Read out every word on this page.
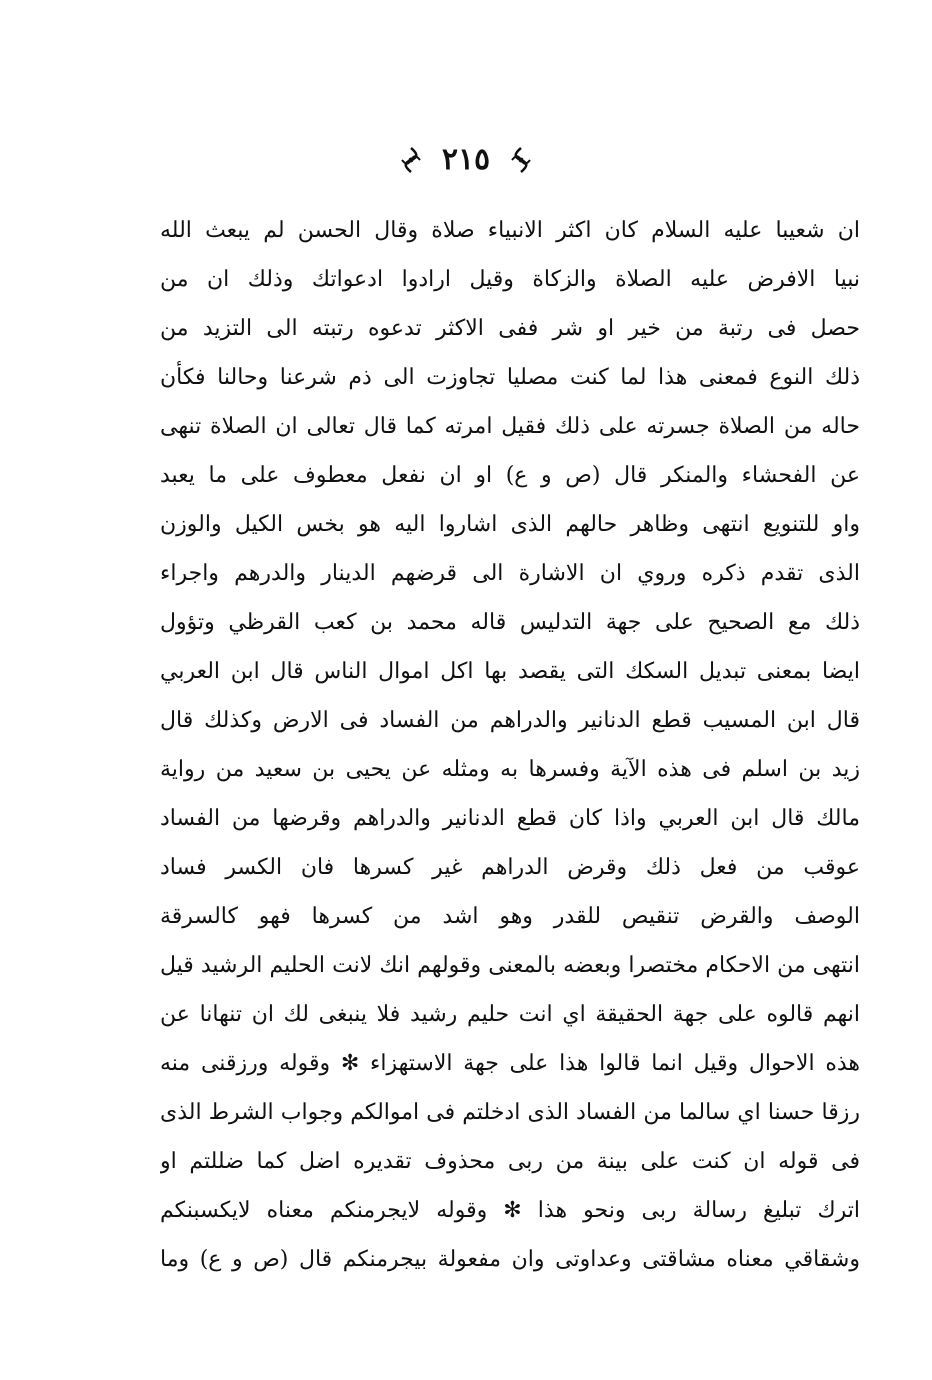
٢١٥
ان شعيبا عليه السلام كان اكثر الانبياء صلاة وقال الحسن لم يبعث الله
نبيا الافرض عليه الصلاة والزكاة وقيل ارادوا ادعواتك وذلك ان من
حصل فى رتبة من خير او شر ففى الاكثر تدعوه رتبته الى التزيد من
ذلك النوع فمعنى هذا لما كنت مصليا تجاوزت الى ذم شرعنا وحالنا فكأن
حاله من الصلاة جسرته على ذلك فقيل امرته كما قال تعالى ان الصلاة تنهى
عن الفحشاء والمنكر قال (ص و ع) او ان نفعل معطوف على ما يعبد
واو للتنويع انتهى وظاهر حالهم الذى اشاروا اليه هو بخس الكيل والوزن
الذى تقدم ذكره وروي ان الاشارة الى قرضهم الدينار والدرهم واجراء
ذلك مع الصحيح على جهة التدليس قاله محمد بن كعب القرظي وتؤول
ايضا بمعنى تبديل السكك التى يقصد بها اكل اموال الناس قال ابن العربي
قال ابن المسيب قطع الدنانير والدراهم من الفساد فى الارض وكذلك قال
زيد بن اسلم فى هذه الآية وفسرها به ومثله عن يحيى بن سعيد من رواية
مالك قال ابن العربي واذا كان قطع الدنانير والدراهم وقرضها من الفساد
عوقب من فعل ذلك وقرض الدراهم غير كسرها فان الكسر فساد
الوصف والقرض تنقيص للقدر وهو اشد من كسرها فهو كالسرقة
انتهى من الاحكام مختصرا وبعضه بالمعنى وقولهم انك لانت الحليم الرشيد قيل
انهم قالوه على جهة الحقيقة اي انت حليم رشيد فلا ينبغى لك ان تنهانا عن
هذه الاحوال وقيل انما قالوا هذا على جهة الاستهزاء ✻ وقوله ورزقنى منه
رزقا حسنا اي سالما من الفساد الذى ادخلتم فى اموالكم وجواب الشرط الذى
فى قوله ان كنت على بينة من ربى محذوف تقديره اضل كما ضللتم او
اترك تبليغ رسالة ربى ونحو هذا ✻ وقوله لايجرمنكم معناه لايكسبنكم
وشقاقي معناه مشاقتى وعداوتى وان مفعولة بيجرمنكم قال (ص و ع) وما
